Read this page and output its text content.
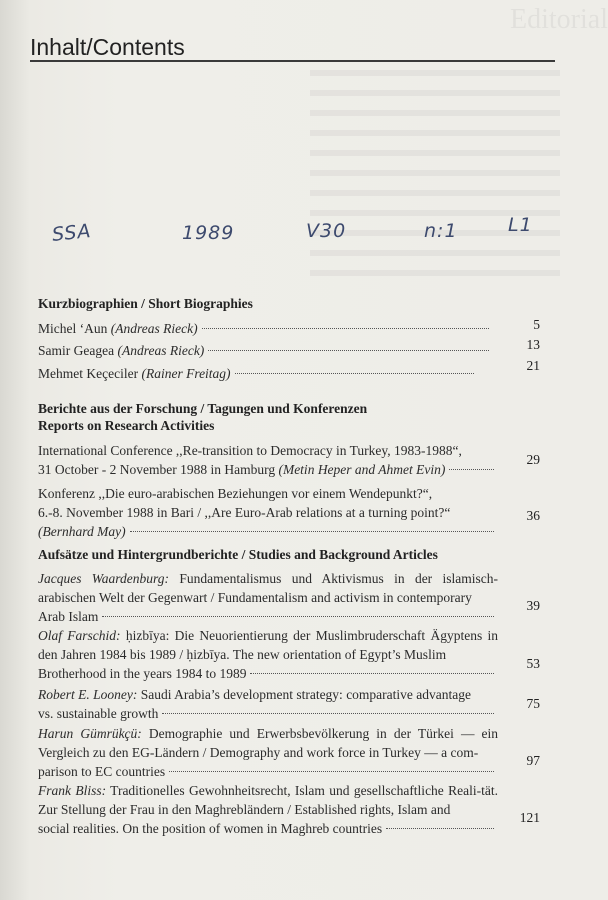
Editorial
Inhalt/Contents
SSA	1989	V30	n:1	L1
Kurzbiographien / Short Biographies
Michel ‘Aun (Andreas Rieck)	5
Samir Geagea (Andreas Rieck)	13
Mehmet Keçeciler (Rainer Freitag)
21
Berichte aus der Forschung / Tagungen und Konferenzen
Reports on Research Activities
International Conference ,,Re-transition to Democracy in Turkey, 1983-1988“,
31 October - 2 November 1988 in Hamburg (Metin Heper and Ahmet Evin)
29
Konferenz ,,Die euro-arabischen Beziehungen vor einem Wendepunkt?“,
6.-8. November 1988 in Bari / ,,Are Euro-Arab relations at a turning point?“
(Bernhard May)
36
Aufsätze und Hintergrundberichte / Studies and Background Articles
Jacques Waardenburg: Fundamentalismus und Aktivismus in der islamisch-arabischen Welt der Gegenwart / Fundamentalism and activism in contemporary
Arab Islam
39
Olaf Farschid: ḥizbīya: Die Neuorientierung der Muslimbruderschaft Ägyptens in den Jahren 1984 bis 1989 / ḥizbīya. The new orientation of Egypt’s Muslim
Brotherhood in the years 1984 to 1989
53
Robert E. Looney: Saudi Arabia’s development strategy: comparative advantage
vs. sustainable growth
75
Harun Gümrükçü: Demographie und Erwerbsbevölkerung in der Türkei — ein Vergleich zu den EG-Ländern / Demography and work force in Turkey — a com-
parison to EC countries
97
Frank Bliss: Traditionelles Gewohnheitsrecht, Islam und gesellschaftliche Reali-tät. Zur Stellung der Frau in den Maghrebländern / Established rights, Islam and
social realities. On the position of women in Maghreb countries
121
